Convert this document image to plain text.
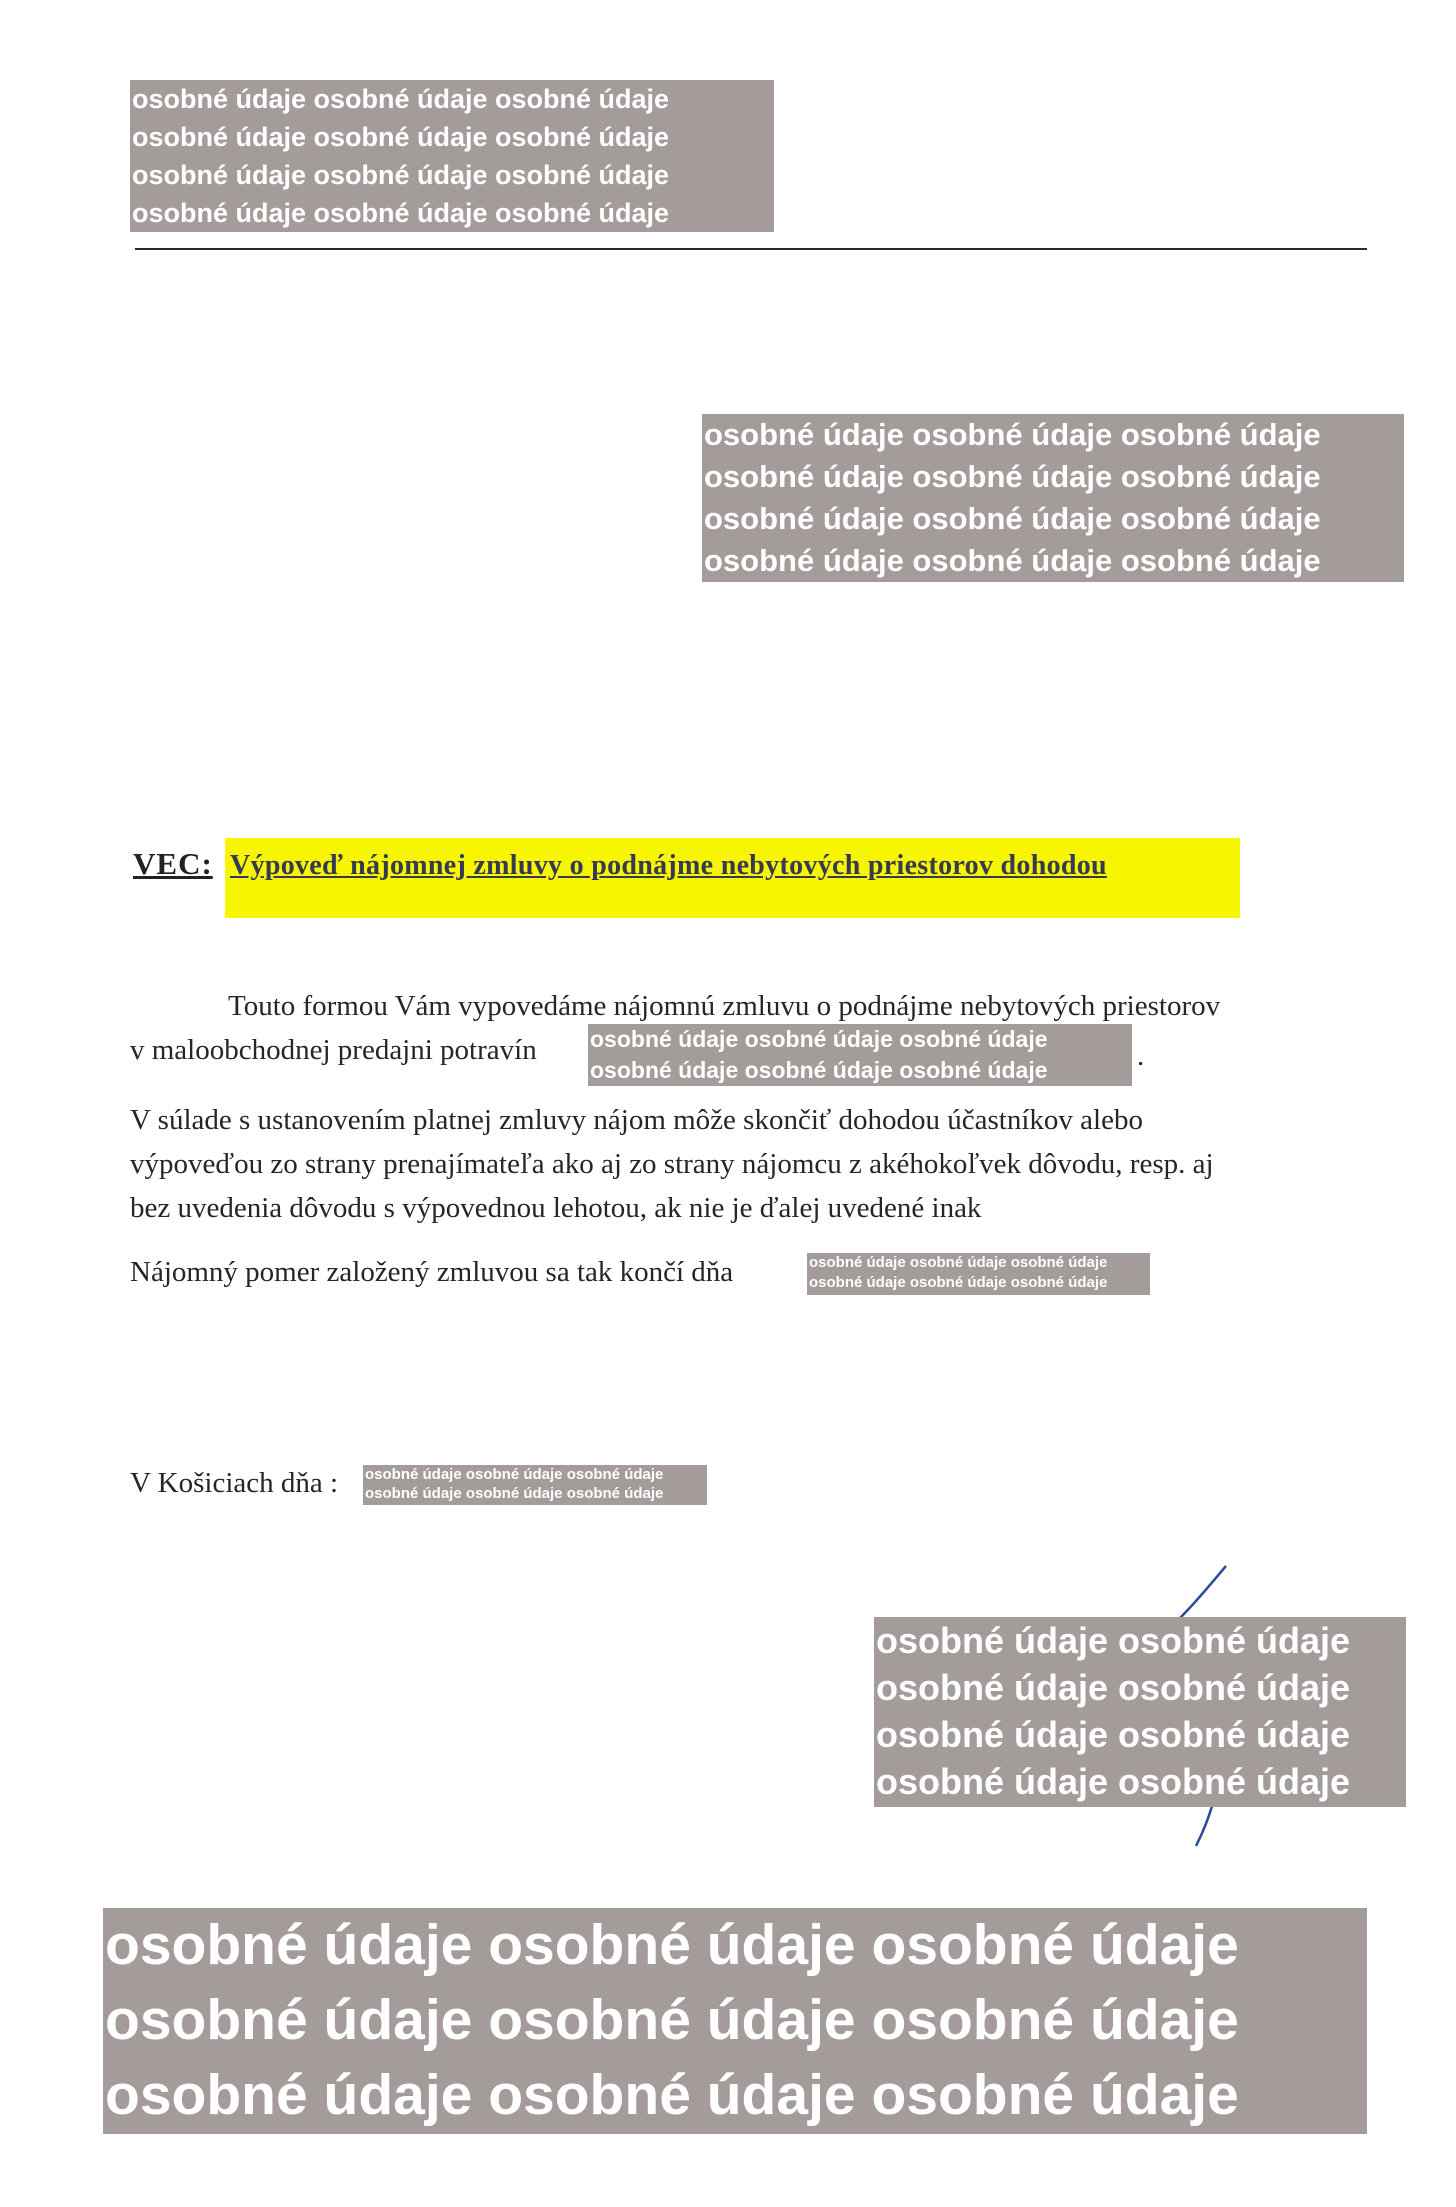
osobné údaje osobné údaje osobné údaje
osobné údaje osobné údaje osobné údaje
osobné údaje osobné údaje osobné údaje
osobné údaje osobné údaje osobné údaje
osobné údaje osobné údaje osobné údaje
osobné údaje osobné údaje osobné údaje
osobné údaje osobné údaje osobné údaje
osobné údaje osobné údaje osobné údaje
VEC: Výpoveď nájomnej zmluvy o podnájme nebytových priestorov dohodou
Touto formou Vám vypovedáme nájomnú zmluvu o podnájme nebytových priestorov
v maloobchodnej predajni potravín osobné údaje osobné údaje osobné údaje
osobné údaje osobné údaje osobné údaje	.
V súlade s ustanovením platnej zmluvy nájom môže skončiť dohodou účastníkov alebo
výpoveďou zo strany prenajímateľa ako aj zo strany nájomcu z akéhokoľvek dôvodu, resp. aj
bez uvedenia dôvodu s výpovednou lehotou, ak nie je ďalej uvedené inak
Nájomný pomer založený zmluvou sa tak končí dňa	osobné údaje osobné údaje osobné údaje
osobné údaje osobné údaje osobné údaje
V Košiciach dňa : osobné údaje osobné údaje osobné údaje
osobné údaje osobné údaje osobné údaje
osobné údaje osobné údaje
osobné údaje osobné údaje
osobné údaje osobné údaje
osobné údaje osobné údaje
osobné údaje osobné údaje osobné údaje
osobné údaje osobné údaje osobné údaje
osobné údaje osobné údaje osobné údaje
